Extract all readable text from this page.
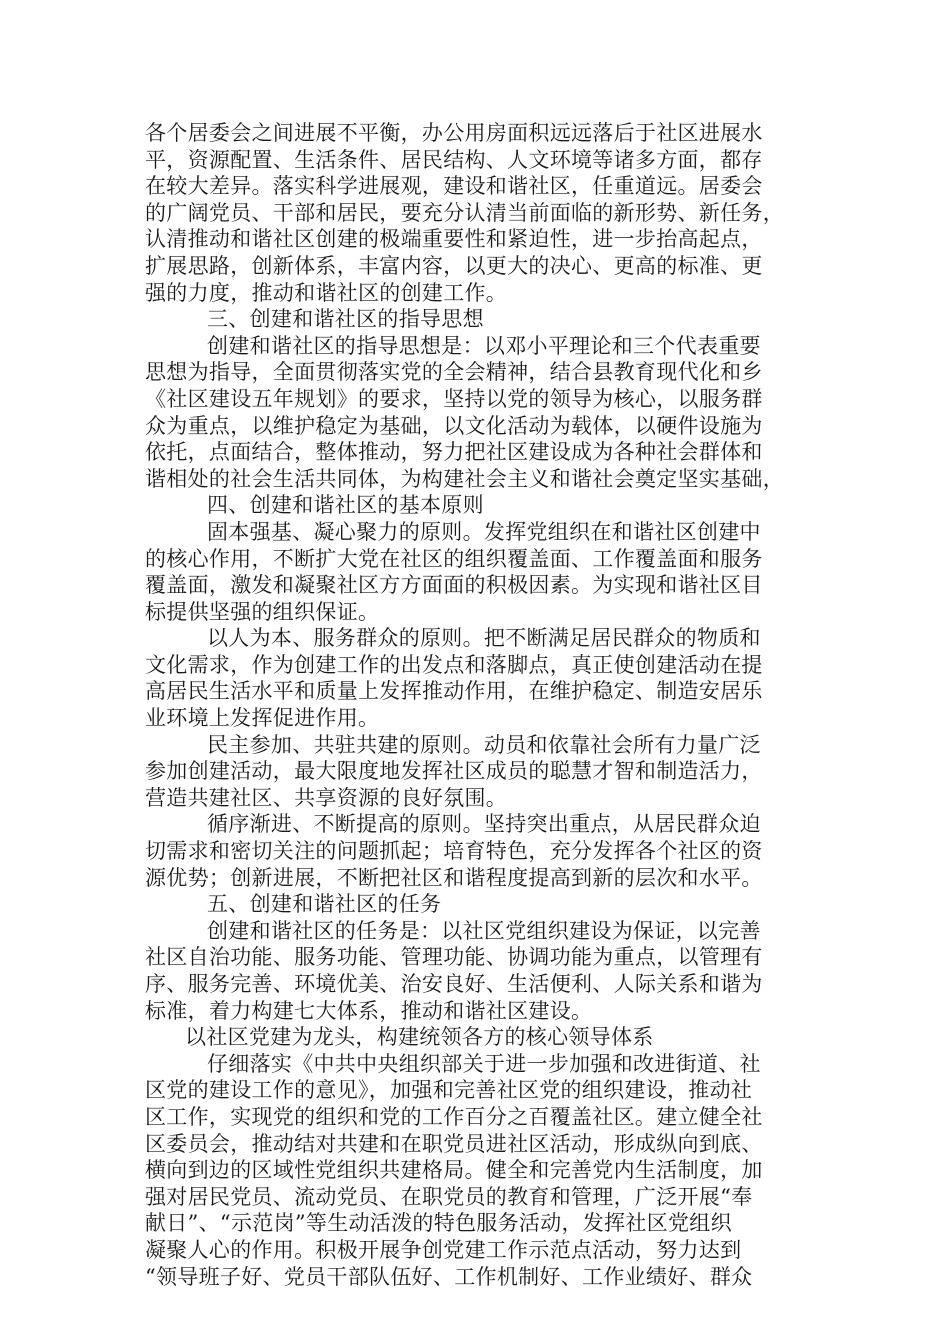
各个居委会之间进展不平衡，办公用房面积远远落后于社区进展水
平，资源配置、生活条件、居民结构、人文环境等诸多方面，都存
在较大差异。落实科学进展观，建设和谐社区，任重道远。居委会
的广阔党员、干部和居民，要充分认清当前面临的新形势、新任务，
认清推动和谐社区创建的极端重要性和紧迫性，进一步抬高起点，
扩展思路，创新体系，丰富内容，以更大的决心、更高的标准、更
强的力度，推动和谐社区的创建工作。
三、创建和谐社区的指导思想
创建和谐社区的指导思想是：以邓小平理论和三个代表重要
思想为指导，全面贯彻落实党的全会精神，结合县教育现代化和乡
《社区建设五年规划》的要求，坚持以党的领导为核心，以服务群
众为重点，以维护稳定为基础，以文化活动为载体，以硬件设施为
依托，点面结合，整体推动，努力把社区建设成为各种社会群体和
谐相处的社会生活共同体，为构建社会主义和谐社会奠定坚实基础，
四、创建和谐社区的基本原则
固本强基、凝心聚力的原则。发挥党组织在和谐社区创建中
的核心作用，不断扩大党在社区的组织覆盖面、工作覆盖面和服务
覆盖面，激发和凝聚社区方方面面的积极因素。为实现和谐社区目
标提供坚强的组织保证。
以人为本、服务群众的原则。把不断满足居民群众的物质和
文化需求，作为创建工作的出发点和落脚点，真正使创建活动在提
高居民生活水平和质量上发挥推动作用，在维护稳定、制造安居乐
业环境上发挥促进作用。
民主参加、共驻共建的原则。动员和依靠社会所有力量广泛
参加创建活动，最大限度地发挥社区成员的聪慧才智和制造活力，
营造共建社区、共享资源的良好氛围。
循序渐进、不断提高的原则。坚持突出重点，从居民群众迫
切需求和密切关注的问题抓起；培育特色，充分发挥各个社区的资
源优势；创新进展，不断把社区和谐程度提高到新的层次和水平。
五、创建和谐社区的任务
创建和谐社区的任务是：以社区党组织建设为保证，以完善
社区自治功能、服务功能、管理功能、协调功能为重点，以管理有
序、服务完善、环境优美、治安良好、生活便利、人际关系和谐为
标准，着力构建七大体系，推动和谐社区建设。
以社区党建为龙头，构建统领各方的核心领导体系
仔细落实《中共中央组织部关于进一步加强和改进街道、社
区党的建设工作的意见》，加强和完善社区党的组织建设，推动社
区工作，实现党的组织和党的工作百分之百覆盖社区。建立健全社
区委员会，推动结对共建和在职党员进社区活动，形成纵向到底、
横向到边的区域性党组织共建格局。健全和完善党内生活制度，加
强对居民党员、流动党员、在职党员的教育和管理，广泛开展“奉
献日”、“示范岗”等生动活泼的特色服务活动，发挥社区党组织
凝聚人心的作用。积极开展争创党建工作示范点活动，努力达到
“领导班子好、党员干部队伍好、工作机制好、工作业绩好、群众
